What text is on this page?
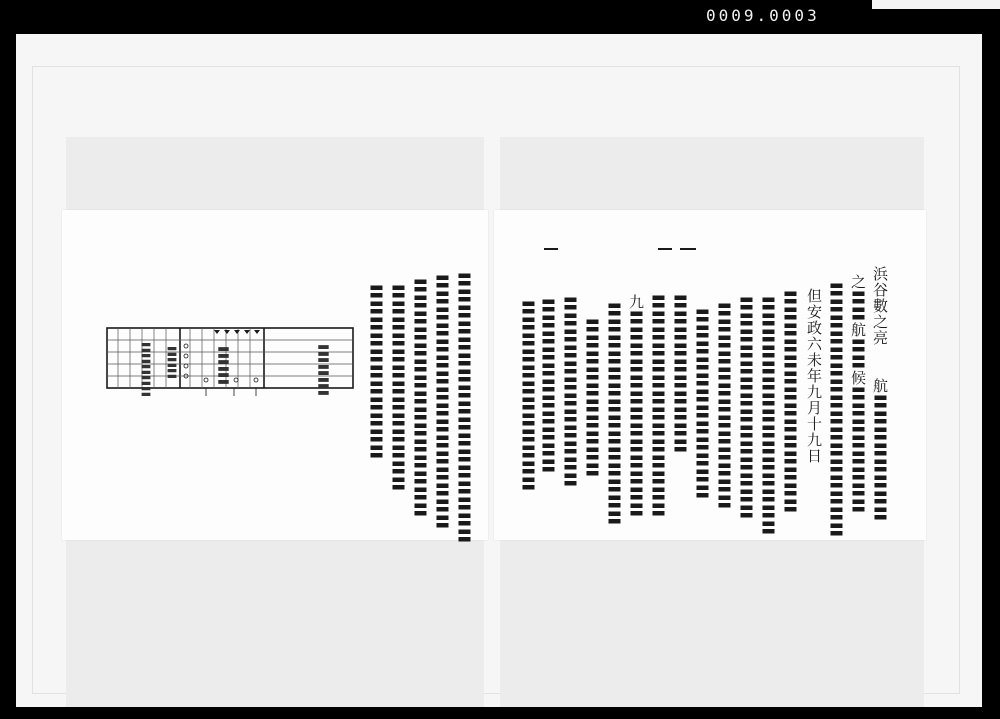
0009.0003
浜谷數之亮　　航〓〓〓〓〓〓〓〓
之〓〓航〓〓候〓〓〓〓〓〓〓〓
〓〓〓〓〓〓〓〓〓〓〓〓〓〓〓〓
但安政六未年九月十九日
〓〓〓〓〓〓〓〓〓〓〓〓〓〓
〓〓〓〓〓〓〓〓〓〓〓〓〓〓〓
〓〓〓〓〓〓〓〓〓〓〓〓〓〓
〓〓〓〓〓〓〓〓〓〓〓〓〓
〓〓〓〓〓〓〓〓〓〓〓〓
〓〓〓〓〓〓〓〓〓〓
〓〓〓〓〓〓〓〓〓〓〓〓〓〓
九〓〓〓〓〓〓〓〓〓〓〓〓〓
〓〓〓〓〓〓〓〓〓〓〓〓〓〓
〓〓〓〓〓〓〓〓〓〓
〓〓〓〓〓〓〓〓〓〓〓〓
〓〓〓〓〓〓〓〓〓〓〓
〓〓〓〓〓〓〓〓〓〓〓〓
〓〓〓〓〓〓〓〓〓〓〓〓〓〓〓〓〓
〓〓〓〓〓〓〓〓〓〓〓〓〓〓〓〓
〓〓〓〓〓〓〓〓〓〓〓〓〓〓〓
〓〓〓〓〓〓〓〓〓〓〓〓〓
〓〓〓〓〓〓〓〓〓〓〓
〓〓〓〓
〓〓〓
〓〓〓〓〓 〓〓〓
